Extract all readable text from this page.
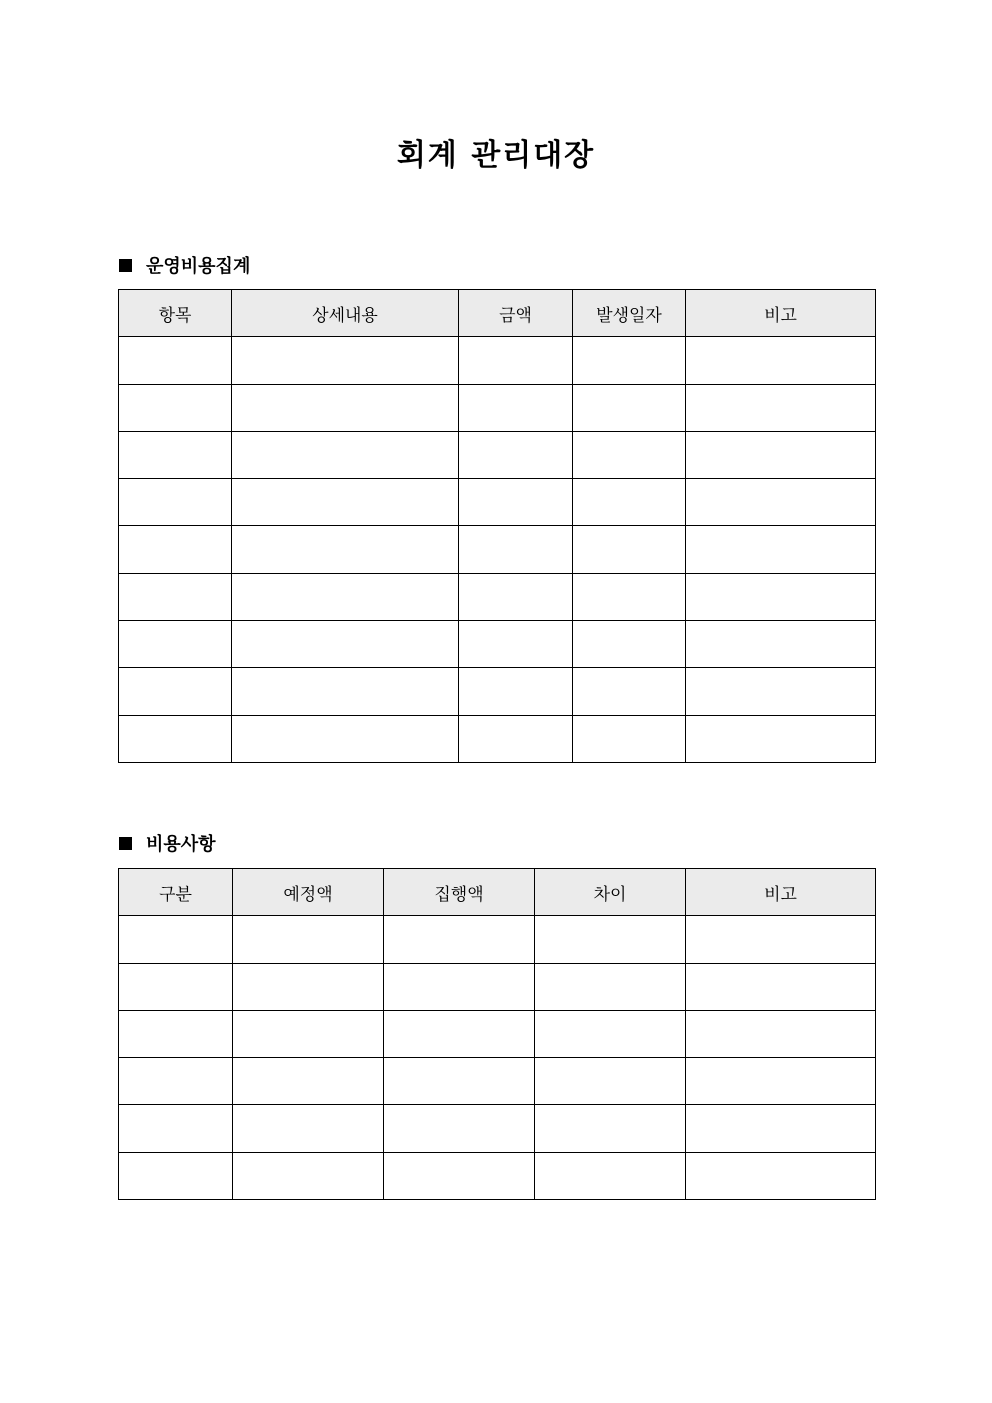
회계 관리대장
운영비용집계
항목	상세내용	금액	발생일자	비고

비용사항
구분	예정액	집행액	차이	비고
